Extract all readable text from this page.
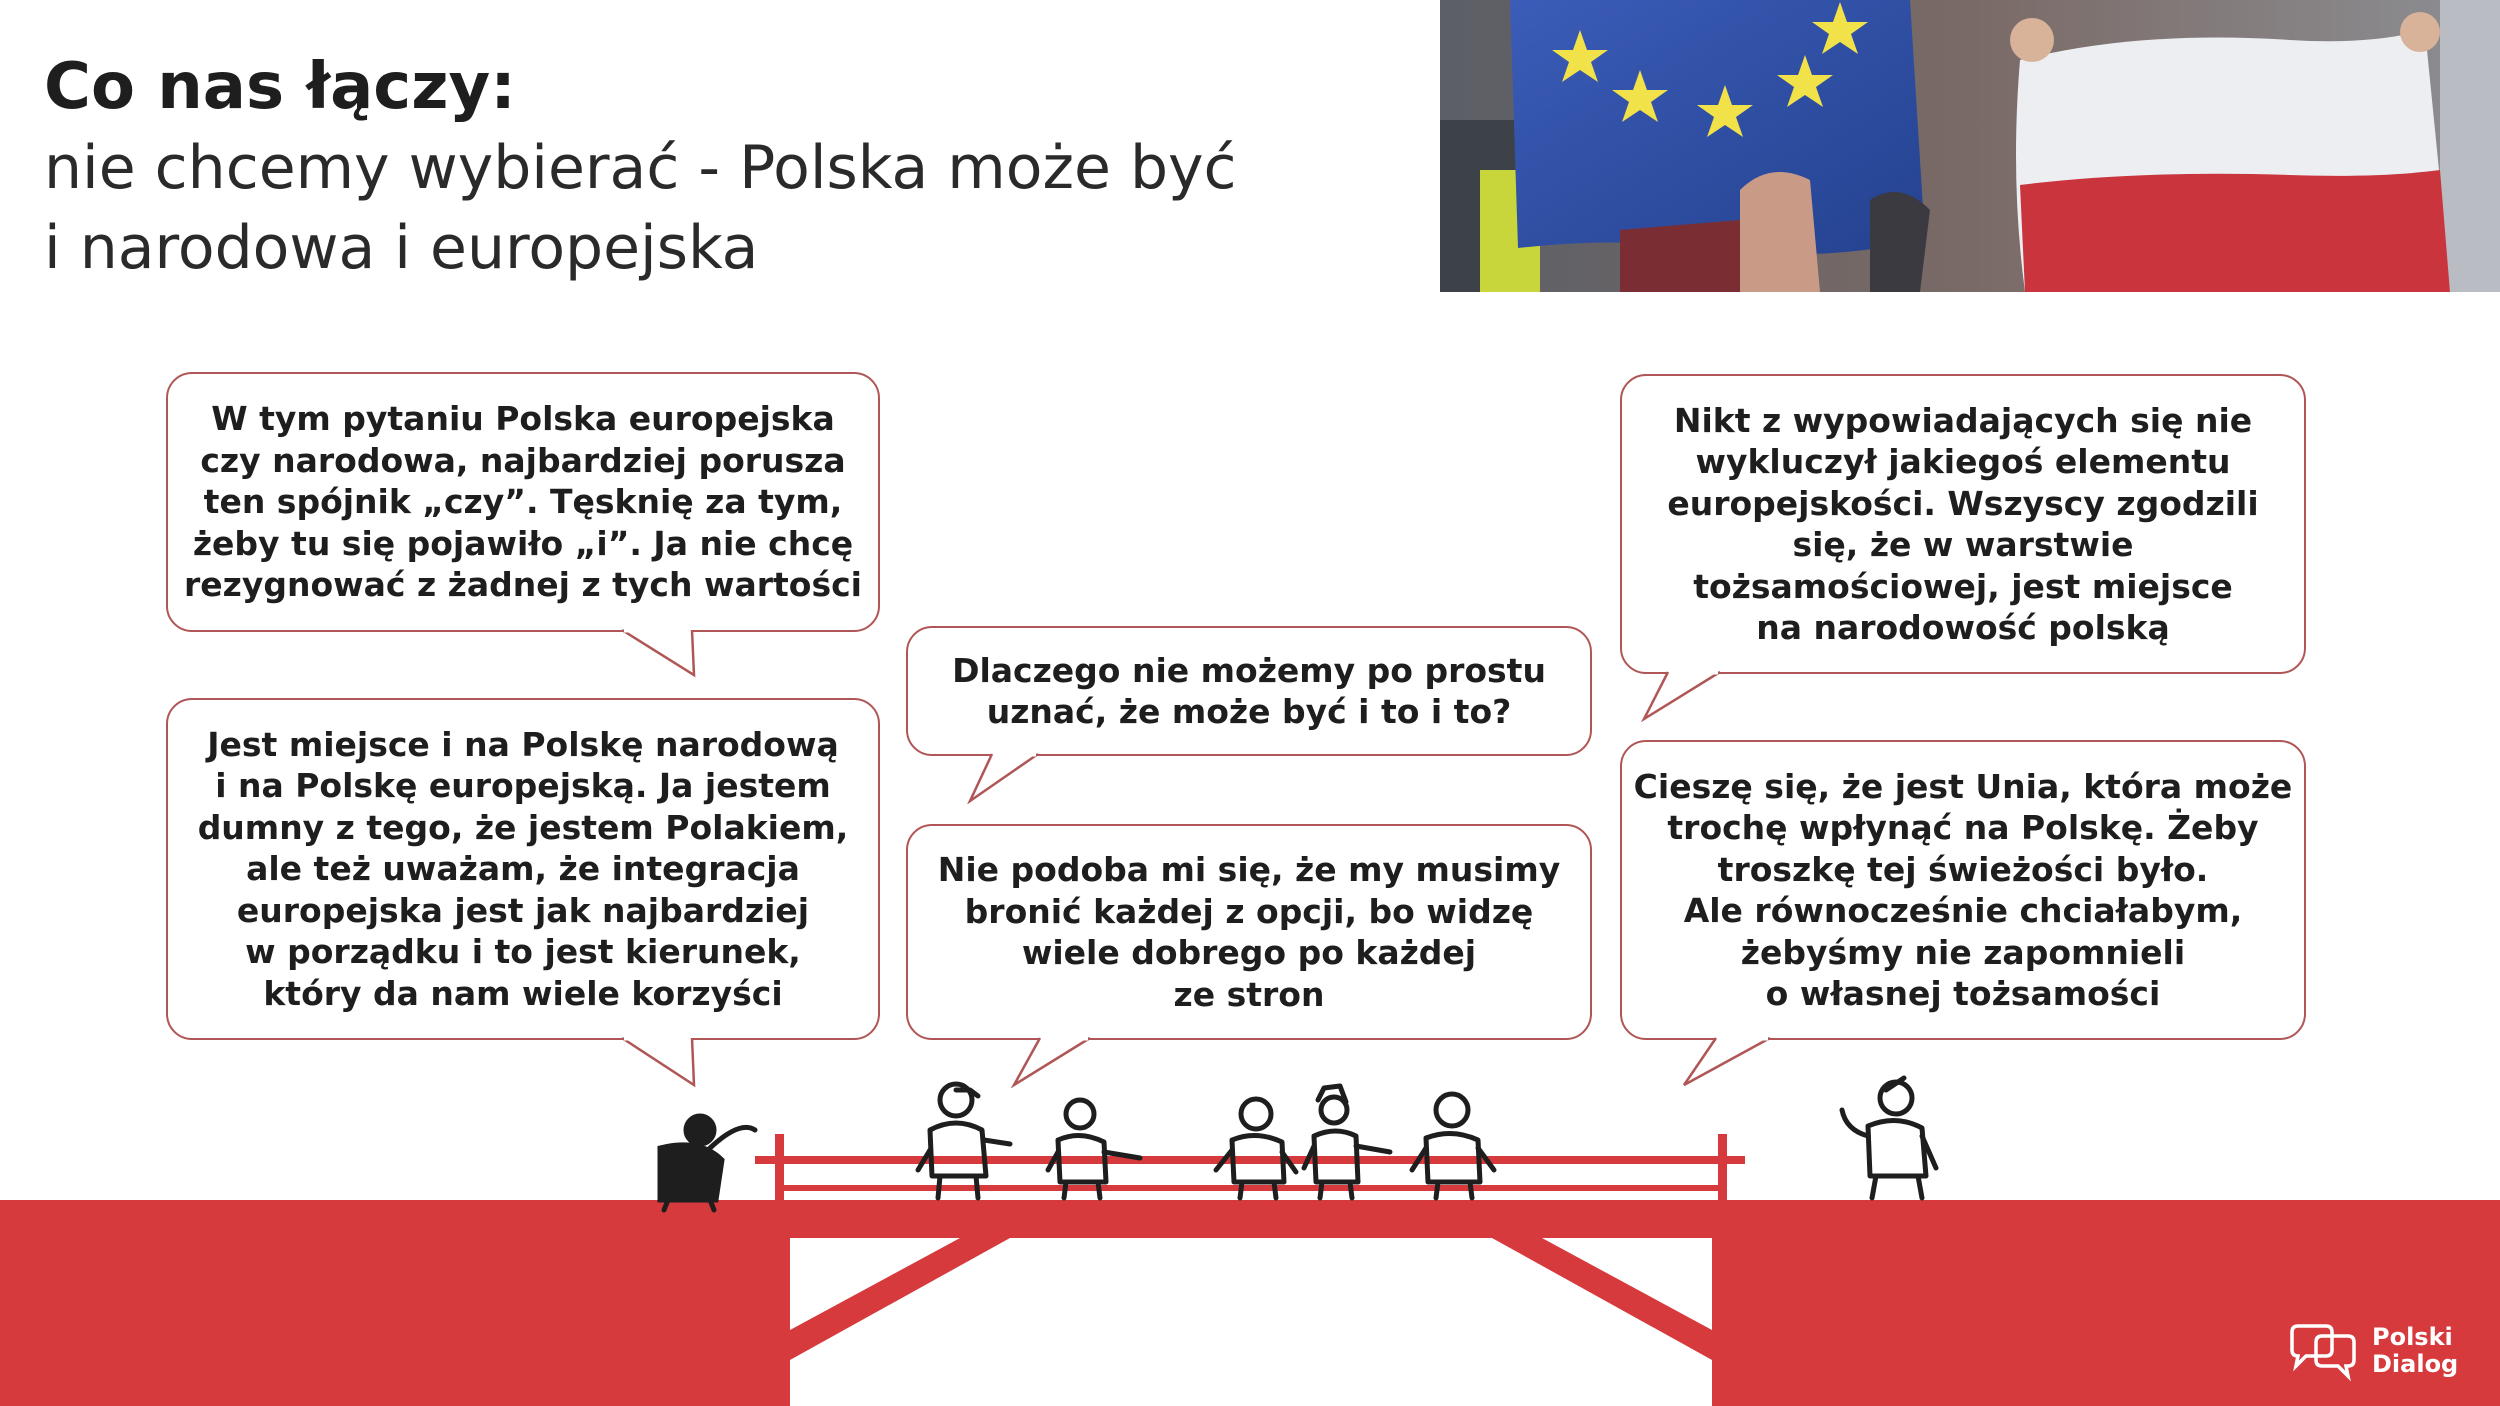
Co nas łączy:
nie chcemy wybierać - Polska może być
i narodowa i europejska
W tym pytaniu Polska europejska
czy narodowa, najbardziej porusza
ten spójnik „czy”. Tęsknię za tym,
żeby tu się pojawiło „i”. Ja nie chcę
rezygnować z żadnej z tych wartości
Jest miejsce i na Polskę narodową
i na Polskę europejską. Ja jestem
dumny z tego, że jestem Polakiem,
ale też uważam, że integracja
europejska jest jak najbardziej
w porządku i to jest kierunek,
który da nam wiele korzyści
Dlaczego nie możemy po prostu
uznać, że może być i to i to?
Nie podoba mi się, że my musimy
bronić każdej z opcji, bo widzę
wiele dobrego po każdej
ze stron
Nikt z wypowiadających się nie
wykluczył jakiegoś elementu
europejskości. Wszyscy zgodzili
się, że w warstwie
tożsamościowej, jest miejsce
na narodowość polską
Cieszę się, że jest Unia, która może
trochę wpłynąć na Polskę. Żeby
troszkę tej świeżości było.
Ale równocześnie chciałabym,
żebyśmy nie zapomnieli
o własnej tożsamości
Polski
Dialog
